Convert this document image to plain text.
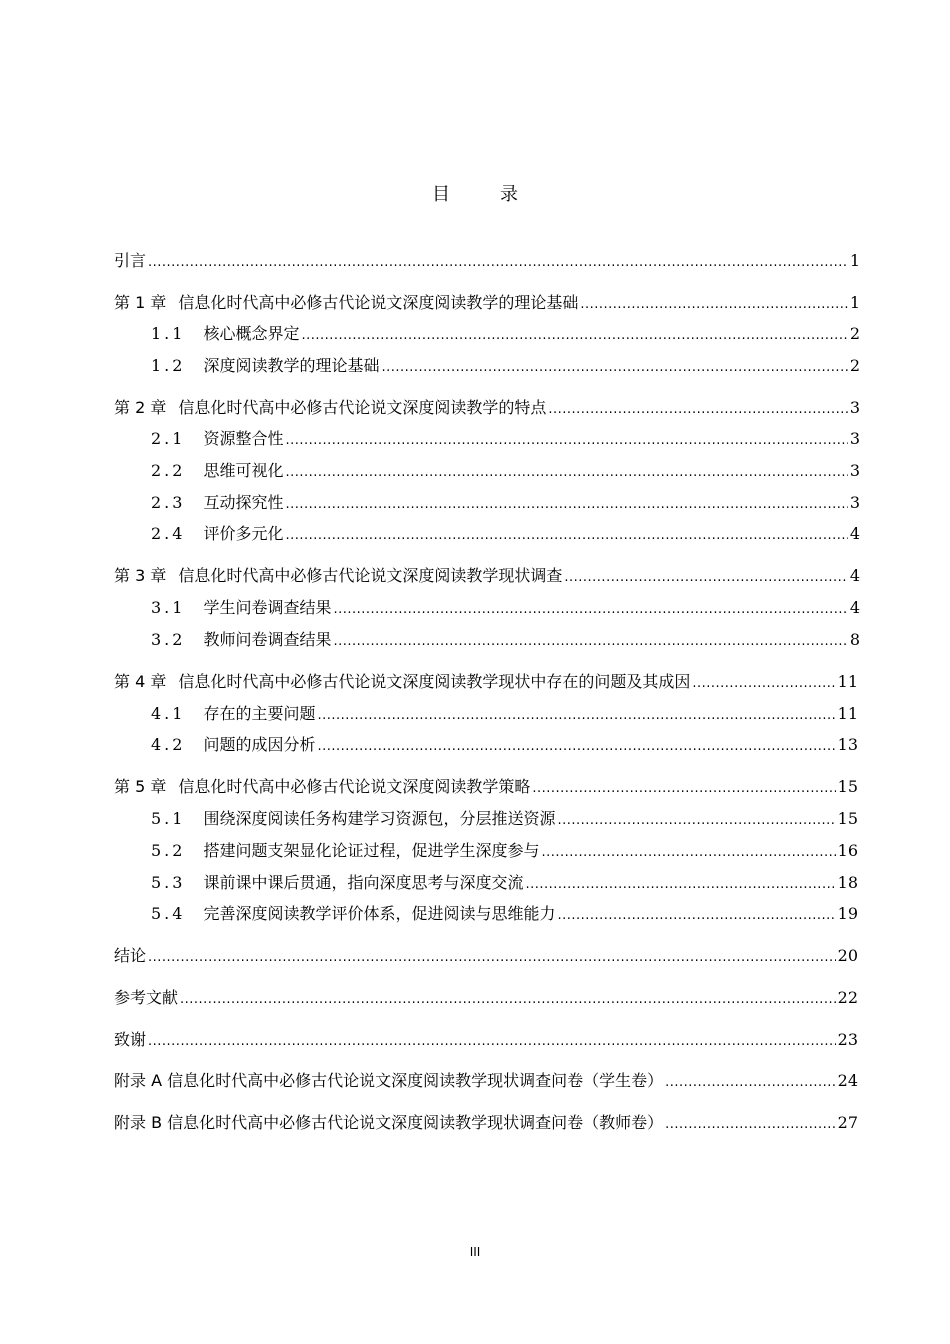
目　录
引言 .....	1
第 1 章 信息化时代高中必修古代论说文深度阅读教学的理论基础 .....	1
1.1 核心概念界定 .....	2
1.2 深度阅读教学的理论基础 .....	2
第 2 章 信息化时代高中必修古代论说文深度阅读教学的特点 .....	3
2.1 资源整合性 .....	3
2.2 思维可视化 .....	3
2.3 互动探究性 .....	3
2.4 评价多元化 .....	4
第 3 章 信息化时代高中必修古代论说文深度阅读教学现状调查 .....	4
3.1 学生问卷调查结果 .....	4
3.2 教师问卷调查结果 .....	8
第 4 章 信息化时代高中必修古代论说文深度阅读教学现状中存在的问题及其成因 .....	11
4.1 存在的主要问题 .....	11
4.2 问题的成因分析 .....	13
第 5 章 信息化时代高中必修古代论说文深度阅读教学策略 .....	15
5.1 围绕深度阅读任务构建学习资源包，分层推送资源 .....	15
5.2 搭建问题支架显化论证过程，促进学生深度参与 .....	16
5.3 课前课中课后贯通，指向深度思考与深度交流 .....	18
5.4 完善深度阅读教学评价体系，促进阅读与思维能力 .....	19
结论 .....	20
参考文献 .....	22
致谢 .....	23
附录 A 信息化时代高中必修古代论说文深度阅读教学现状调查问卷（学生卷） .....	24
附录 B 信息化时代高中必修古代论说文深度阅读教学现状调查问卷（教师卷） .....	27
III
